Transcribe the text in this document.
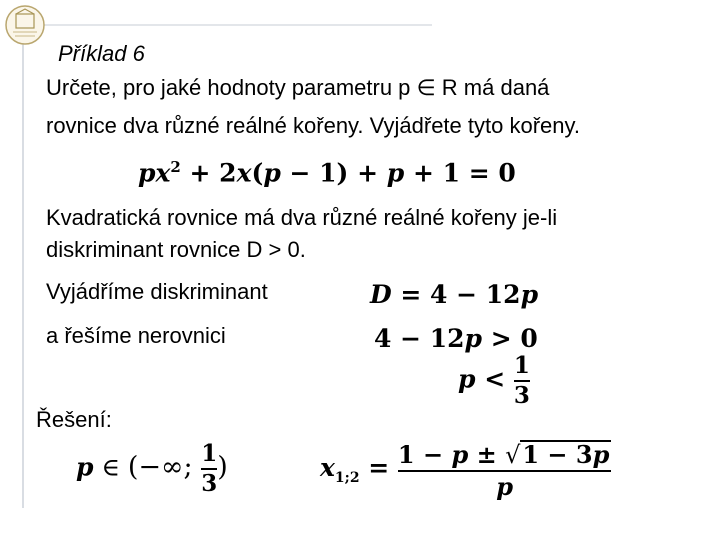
Příklad 6
Určete, pro jaké hodnoty parametru p ∈ R má daná
rovnice dva různé reálné kořeny. Vyjádřete tyto kořeny.
$px^2 + 2x(p - 1) + p + 1 = 0$
Kvadratická rovnice má dva různé reálné kořeny je-li
diskriminant rovnice D > 0.
Vyjádříme diskriminant	D = 4 − 12p
a řešíme nerovnici	4 − 12p > 0
$p < \frac{1}{3}$
Řešení:
p ∈ (−∞; $\frac{1}{3}$ )	$x_{1;2} = \frac{1 - p \pm √1 - 3p}{p}$
